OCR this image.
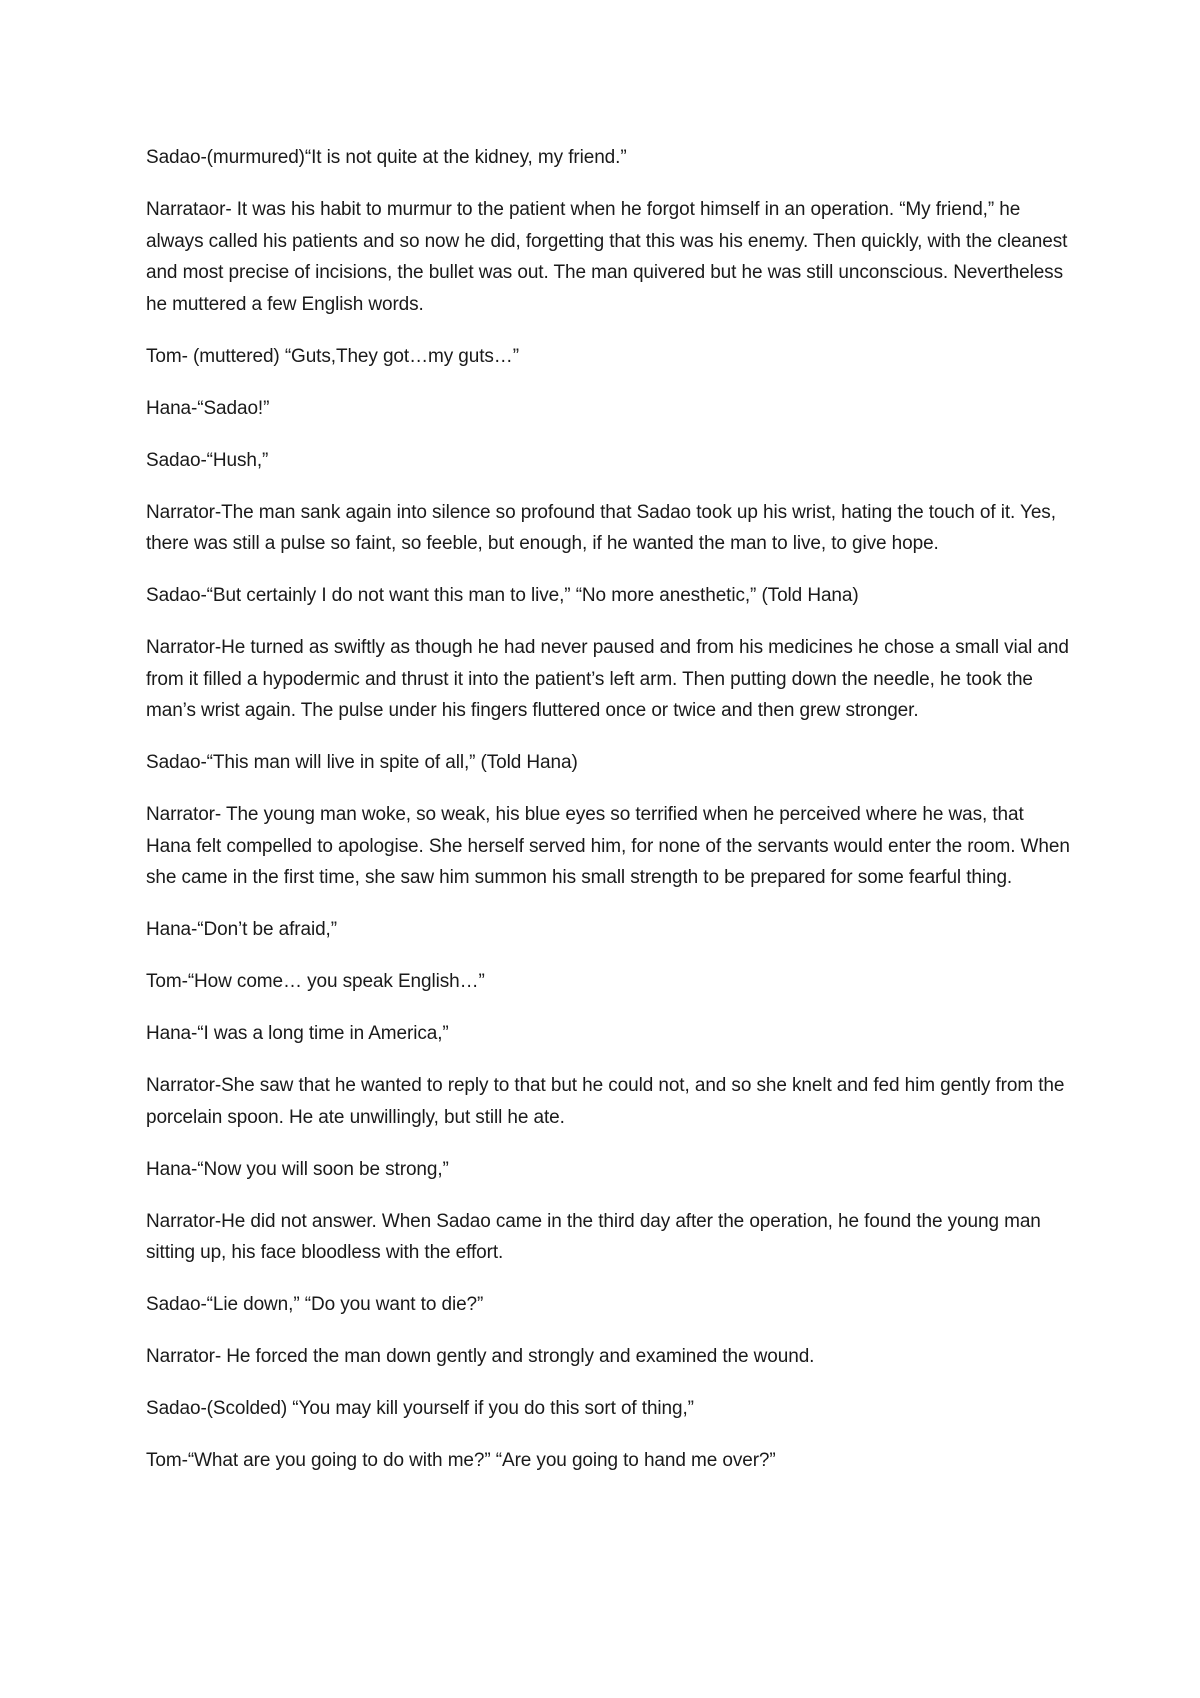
Sadao-(murmured)“It is not quite at the kidney, my friend.”

Narrataor- It was his habit to murmur to the patient when he forgot himself in an operation. “My friend,” he always called his patients and so now he did, forgetting that this was his enemy. Then quickly, with the cleanest and most precise of incisions, the bullet was out. The man quivered but he was still unconscious. Nevertheless he muttered a few English words.

Tom- (muttered) “Guts,They got…my guts…”

Hana-“Sadao!”

Sadao-“Hush,”

Narrator-The man sank again into silence so profound that Sadao took up his wrist, hating the touch of it. Yes, there was still a pulse so faint, so feeble, but enough, if he wanted the man to live, to give hope.

Sadao-“But certainly I do not want this man to live,” “No more anesthetic,” (Told Hana)

Narrator-He turned as swiftly as though he had never paused and from his medicines he chose a small vial and from it filled a hypodermic and thrust it into the patient’s left arm. Then putting down the needle, he took the man’s wrist again. The pulse under his fingers fluttered once or twice and then grew stronger.

Sadao-“This man will live in spite of all,” (Told Hana)

Narrator- The young man woke, so weak, his blue eyes so terrified when he perceived where he was, that Hana felt compelled to apologise. She herself served him, for none of the servants would enter the room. When she came in the first time, she saw him summon his small strength to be prepared for some fearful thing.

Hana-“Don’t be afraid,”

Tom-“How come… you speak English…”

Hana-“I was a long time in America,”

Narrator-She saw that he wanted to reply to that but he could not, and so she knelt and fed him gently from the porcelain spoon. He ate unwillingly, but still he ate.

Hana-“Now you will soon be strong,”

Narrator-He did not answer. When Sadao came in the third day after the operation, he found the young man sitting up, his face bloodless with the effort.

Sadao-“Lie down,” “Do you want to die?”

Narrator- He forced the man down gently and strongly and examined the wound.

Sadao-(Scolded) “You may kill yourself if you do this sort of thing,”

Tom-“What are you going to do with me?” “Are you going to hand me over?”
